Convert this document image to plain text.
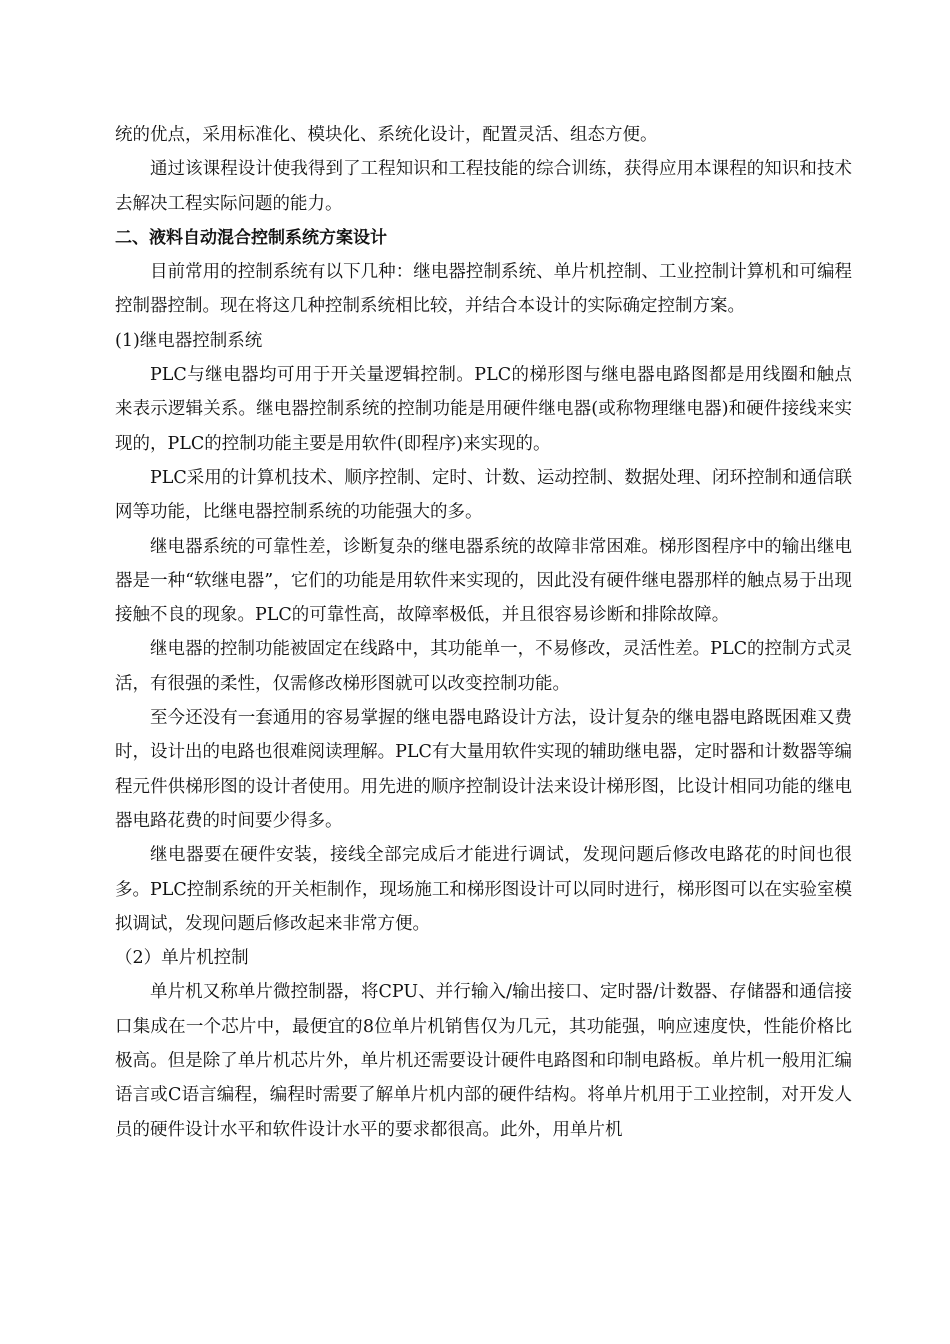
统的优点，采用标准化、模块化、系统化设计，配置灵活、组态方便。

通过该课程设计使我得到了工程知识和工程技能的综合训练，获得应用本课程的知识和技术去解决工程实际问题的能力。

二、液料自动混合控制系统方案设计

目前常用的控制系统有以下几种：继电器控制系统、单片机控制、工业控制计算机和可编程控制器控制。现在将这几种控制系统相比较，并结合本设计的实际确定控制方案。

(1)继电器控制系统

PLC与继电器均可用于开关量逻辑控制。PLC的梯形图与继电器电路图都是用线圈和触点来表示逻辑关系。继电器控制系统的控制功能是用硬件继电器(或称物理继电器)和硬件接线来实现的，PLC的控制功能主要是用软件(即程序)来实现的。

PLC采用的计算机技术、顺序控制、定时、计数、运动控制、数据处理、闭环控制和通信联网等功能，比继电器控制系统的功能强大的多。

继电器系统的可靠性差，诊断复杂的继电器系统的故障非常困难。梯形图程序中的输出继电器是一种“软继电器”，它们的功能是用软件来实现的，因此没有硬件继电器那样的触点易于出现接触不良的现象。PLC的可靠性高，故障率极低，并且很容易诊断和排除故障。

继电器的控制功能被固定在线路中，其功能单一，不易修改，灵活性差。PLC的控制方式灵活，有很强的柔性，仅需修改梯形图就可以改变控制功能。

至今还没有一套通用的容易掌握的继电器电路设计方法，设计复杂的继电器电路既困难又费时，设计出的电路也很难阅读理解。PLC有大量用软件实现的辅助继电器，定时器和计数器等编程元件供梯形图的设计者使用。用先进的顺序控制设计法来设计梯形图，比设计相同功能的继电器电路花费的时间要少得多。

继电器要在硬件安装，接线全部完成后才能进行调试，发现问题后修改电路花的时间也很多。PLC控制系统的开关柜制作，现场施工和梯形图设计可以同时进行，梯形图可以在实验室模拟调试，发现问题后修改起来非常方便。

（2）单片机控制

单片机又称单片微控制器，将CPU、并行输入/输出接口、定时器/计数器、存储器和通信接口集成在一个芯片中，最便宜的8位单片机销售仅为几元，其功能强，响应速度快，性能价格比极高。但是除了单片机芯片外，单片机还需要设计硬件电路图和印制电路板。单片机一般用汇编语言或C语言编程，编程时需要了解单片机内部的硬件结构。将单片机用于工业控制，对开发人员的硬件设计水平和软件设计水平的要求都很高。此外，用单片机
